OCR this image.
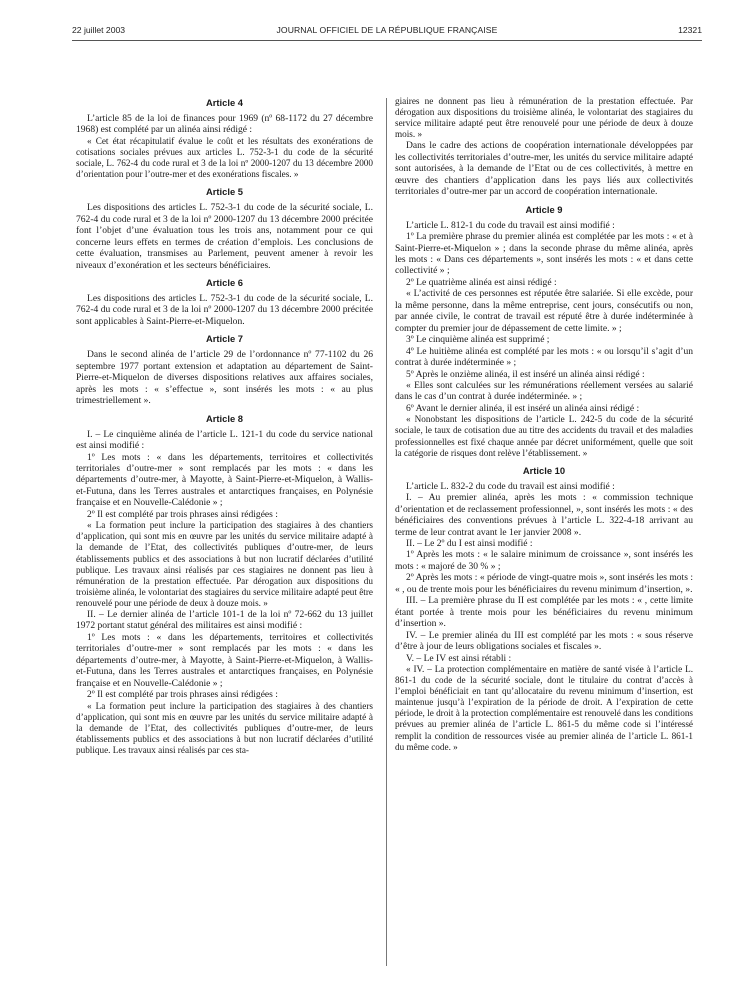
22 juillet 2003	JOURNAL OFFICIEL DE LA RÉPUBLIQUE FRANÇAISE	12321
Article 4

L’article 85 de la loi de finances pour 1969 (nº 68-1172 du 27 décembre 1968) est complété par un alinéa ainsi rédigé :

« Cet état récapitulatif évalue le coût et les résultats des exonérations de cotisations sociales prévues aux articles L. 752-3-1 du code de la sécurité sociale, L. 762-4 du code rural et 3 de la loi nº 2000-1207 du 13 décembre 2000 d’orientation pour l’outre-mer et des exonérations fiscales. »

Article 5

Les dispositions des articles L. 752-3-1 du code de la sécurité sociale, L. 762-4 du code rural et 3 de la loi nº 2000-1207 du 13 décembre 2000 précitée font l’objet d’une évaluation tous les trois ans, notamment pour ce qui concerne leurs effets en termes de création d’emplois. Les conclusions de cette évaluation, transmises au Parlement, peuvent amener à revoir les niveaux d’exonération et les secteurs bénéficiaires.

Article 6

Les dispositions des articles L. 752-3-1 du code de la sécurité sociale, L. 762-4 du code rural et 3 de la loi nº 2000-1207 du 13 décembre 2000 précitée sont applicables à Saint-Pierre-et-Miquelon.

Article 7

Dans le second alinéa de l’article 29 de l’ordonnance nº 77-1102 du 26 septembre 1977 portant extension et adaptation au département de Saint-Pierre-et-Miquelon de diverses dispositions relatives aux affaires sociales, après les mots : « s’effectue », sont insérés les mots : « au plus trimestriellement ».

Article 8

I. – Le cinquième alinéa de l’article L. 121-1 du code du service national est ainsi modifié :

1º Les mots : « dans les départements, territoires et collectivités territoriales d’outre-mer » sont remplacés par les mots : « dans les départements d’outre-mer, à Mayotte, à Saint-Pierre-et-Miquelon, à Wallis-et-Futuna, dans les Terres australes et antarctiques françaises, en Polynésie française et en Nouvelle-Calédonie » ;

2º Il est complété par trois phrases ainsi rédigées :

« La formation peut inclure la participation des stagiaires à des chantiers d’application, qui sont mis en œuvre par les unités du service militaire adapté à la demande de l’Etat, des collectivités publiques d’outre-mer, de leurs établissements publics et des associations à but non lucratif déclarées d’utilité publique. Les travaux ainsi réalisés par ces stagiaires ne donnent pas lieu à rémunération de la prestation effectuée. Par dérogation aux dispositions du troisième alinéa, le volontariat des stagiaires du service militaire adapté peut être renouvelé pour une période de deux à douze mois. »

II. – Le dernier alinéa de l’article 101-1 de la loi nº 72-662 du 13 juillet 1972 portant statut général des militaires est ainsi modifié :

1º Les mots : « dans les départements, territoires et collectivités territoriales d’outre-mer » sont remplacés par les mots : « dans les départements d’outre-mer, à Mayotte, à Saint-Pierre-et-Miquelon, à Wallis-et-Futuna, dans les Terres australes et antarctiques françaises, en Polynésie française et en Nouvelle-Calédonie » ;

2º Il est complété par trois phrases ainsi rédigées :

« La formation peut inclure la participation des stagiaires à des chantiers d’application, qui sont mis en œuvre par les unités du service militaire adapté à la demande de l’Etat, des collectivités publiques d’outre-mer, de leurs établissements publics et des associations à but non lucratif déclarées d’utilité publique. Les travaux ainsi réalisés par ces sta-

giaires ne donnent pas lieu à rémunération de la prestation effectuée. Par dérogation aux dispositions du troisième alinéa, le volontariat des stagiaires du service militaire adapté peut être renouvelé pour une période de deux à douze mois. »

Dans le cadre des actions de coopération internationale développées par les collectivités territoriales d’outre-mer, les unités du service militaire adapté sont autorisées, à la demande de l’Etat ou de ces collectivités, à mettre en œuvre des chantiers d’application dans les pays liés aux collectivités territoriales d’outre-mer par un accord de coopération internationale.

Article 9

L’article L. 812-1 du code du travail est ainsi modifié :

1º La première phrase du premier alinéa est complétée par les mots : « et à Saint-Pierre-et-Miquelon » ; dans la seconde phrase du même alinéa, après les mots : « Dans ces départements », sont insérés les mots : « et dans cette collectivité » ;

2º Le quatrième alinéa est ainsi rédigé :

« L’activité de ces personnes est réputée être salariée. Si elle excède, pour la même personne, dans la même entreprise, cent jours, consécutifs ou non, par année civile, le contrat de travail est réputé être à durée indéterminée à compter du premier jour de dépassement de cette limite. » ;

3º Le cinquième alinéa est supprimé ;

4º Le huitième alinéa est complété par les mots : « ou lorsqu’il s’agit d’un contrat à durée indéterminée » ;

5º Après le onzième alinéa, il est inséré un alinéa ainsi rédigé :

« Elles sont calculées sur les rémunérations réellement versées au salarié dans le cas d’un contrat à durée indéterminée. » ;

6º Avant le dernier alinéa, il est inséré un alinéa ainsi rédigé :

« Nonobstant les dispositions de l’article L. 242-5 du code de la sécurité sociale, le taux de cotisation due au titre des accidents du travail et des maladies professionnelles est fixé chaque année par décret uniformément, quelle que soit la catégorie de risques dont relève l’établissement. »

Article 10

L’article L. 832-2 du code du travail est ainsi modifié :

I. – Au premier alinéa, après les mots : « commission technique d’orientation et de reclassement professionnel, », sont insérés les mots : « des bénéficiaires des conventions prévues à l’article L. 322-4-18 arrivant au terme de leur contrat avant le 1er janvier 2008 ».

II. – Le 2º du I est ainsi modifié :

1º Après les mots : « le salaire minimum de croissance », sont insérés les mots : « majoré de 30 % » ;

2º Après les mots : « période de vingt-quatre mois », sont insérés les mots : « , ou de trente mois pour les bénéficiaires du revenu minimum d’insertion, ».

III. – La première phrase du II est complétée par les mots : « , cette limite étant portée à trente mois pour les bénéficiaires du revenu minimum d’insertion ».

IV. – Le premier alinéa du III est complété par les mots : « sous réserve d’être à jour de leurs obligations sociales et fiscales ».

V. – Le IV est ainsi rétabli :

« IV. – La protection complémentaire en matière de santé visée à l’article L. 861-1 du code de la sécurité sociale, dont le titulaire du contrat d’accès à l’emploi bénéficiait en tant qu’allocataire du revenu minimum d’insertion, est maintenue jusqu’à l’expiration de la période de droit. A l’expiration de cette période, le droit à la protection complémentaire est renouvelé dans les conditions prévues au premier alinéa de l’article L. 861-5 du même code si l’intéressé remplit la condition de ressources visée au premier alinéa de l’article L. 861-1 du même code. »
